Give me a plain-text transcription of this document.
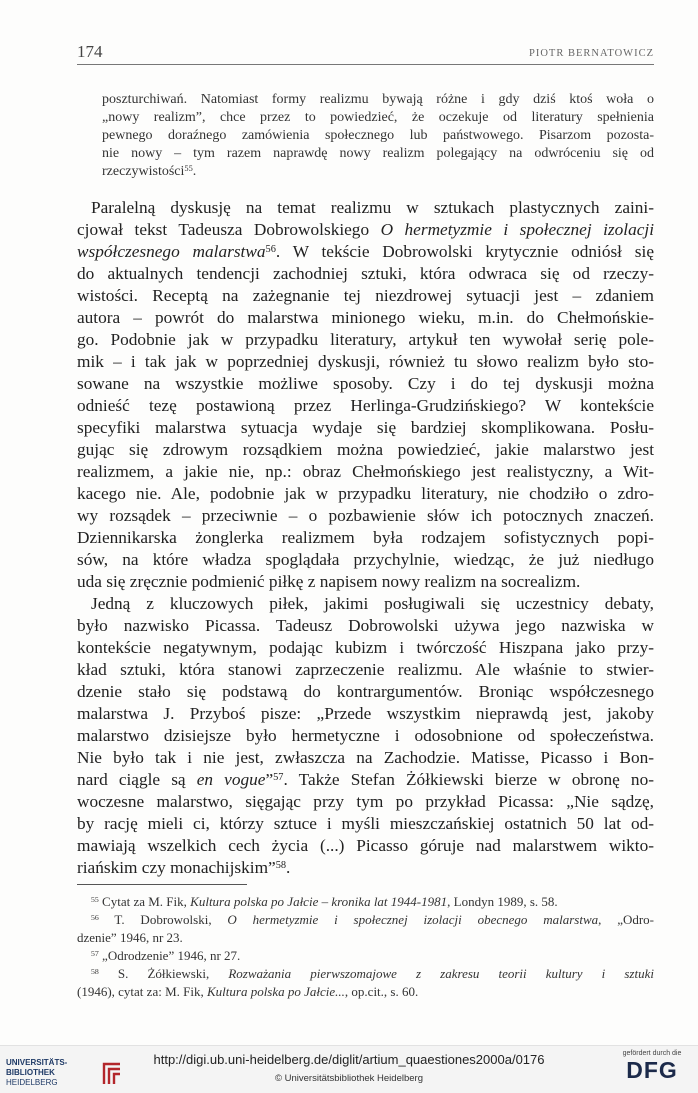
174	PIOTR BERNATOWICZ
poszturchiwań. Natomiast formy realizmu bywają różne i gdy dziś ktoś woła o
„nowy realizm”, chce przez to powiedzieć, że oczekuje od literatury spełnienia
pewnego doraźnego zamówienia społecznego lub państwowego. Pisarzom pozosta-
nie nowy – tym razem naprawdę nowy realizm polegający na odwróceniu się od
rzeczywistości$^{55}$.
Paralelną dyskusję na temat realizmu w sztukach plastycznych zaini-
cjował tekst Tadeusza Dobrowolskiego O hermetyzmie i społecznej izolacji
współczesnego malarstwa$^{56}$. W tekście Dobrowolski krytycznie odniósł się
do aktualnych tendencji zachodniej sztuki, która odwraca się od rzeczy-
wistości. Receptą na zażegnanie tej niezdrowej sytuacji jest – zdaniem
autora – powrót do malarstwa minionego wieku, m.in. do Chełmońskie-
go. Podobnie jak w przypadku literatury, artykuł ten wywołał serię pole-
mik – i tak jak w poprzedniej dyskusji, również tu słowo realizm było sto-
sowane na wszystkie możliwe sposoby. Czy i do tej dyskusji można
odnieść tezę postawioną przez Herlinga-Grudzińskiego? W kontekście
specyfiki malarstwa sytuacja wydaje się bardziej skomplikowana. Posłu-
gując się zdrowym rozsądkiem można powiedzieć, jakie malarstwo jest
realizmem, a jakie nie, np.: obraz Chełmońskiego jest realistyczny, a Wit-
kacego nie. Ale, podobnie jak w przypadku literatury, nie chodziło o zdro-
wy rozsądek – przeciwnie – o pozbawienie słów ich potocznych znaczeń.
Dziennikarska żonglerka realizmem była rodzajem sofistycznych popi-
sów, na które władza spoglądała przychylnie, wiedząc, że już niedługo
uda się zręcznie podmienić piłkę z napisem nowy realizm na socrealizm.
Jedną z kluczowych piłek, jakimi posługiwali się uczestnicy debaty,
było nazwisko Picassa. Tadeusz Dobrowolski używa jego nazwiska w
kontekście negatywnym, podając kubizm i twórczość Hiszpana jako przy-
kład sztuki, która stanowi zaprzeczenie realizmu. Ale właśnie to stwier-
dzenie stało się podstawą do kontrargumentów. Broniąc współczesnego
malarstwa J. Przyboś pisze: „Przede wszystkim nieprawdą jest, jakoby
malarstwo dzisiejsze było hermetyczne i odosobnione od społeczeństwa.
Nie było tak i nie jest, zwłaszcza na Zachodzie. Matisse, Picasso i Bon-
nard ciągle są en vogue”$^{57}$. Także Stefan Żółkiewski bierze w obronę no-
woczesne malarstwo, sięgając przy tym po przykład Picassa: „Nie sądzę,
by rację mieli ci, którzy sztuce i myśli mieszczańskiej ostatnich 50 lat od-
mawiają wszelkich cech życia (...) Picasso góruje nad malarstwem wikto-
riańskim czy monachijskim”$^{58}$.
$^{55}$ Cytat za M. Fik, Kultura polska po Jałcie – kronika lat 1944-1981, Londyn 1989, s. 58.
$^{56}$ T. Dobrowolski, O hermetyzmie i społecznej izolacji obecnego malarstwa, „Odro-
dzenie” 1946, nr 23.
$^{57}$ „Odrodzenie” 1946, nr 27.
$^{58}$ S. Żółkiewski, Rozważania pierwszomajowe z zakresu teorii kultury i sztuki
(1946), cytat za: M. Fik, Kultura polska po Jałcie..., op.cit., s. 60.
UNIVERSITÄTS-
BIBLIOTHEK
HEIDELBERG
http://digi.ub.uni-heidelberg.de/diglit/artium_quaestiones2000a/0176
© Universitätsbibliothek Heidelberg
gefördert durch die
DFG
